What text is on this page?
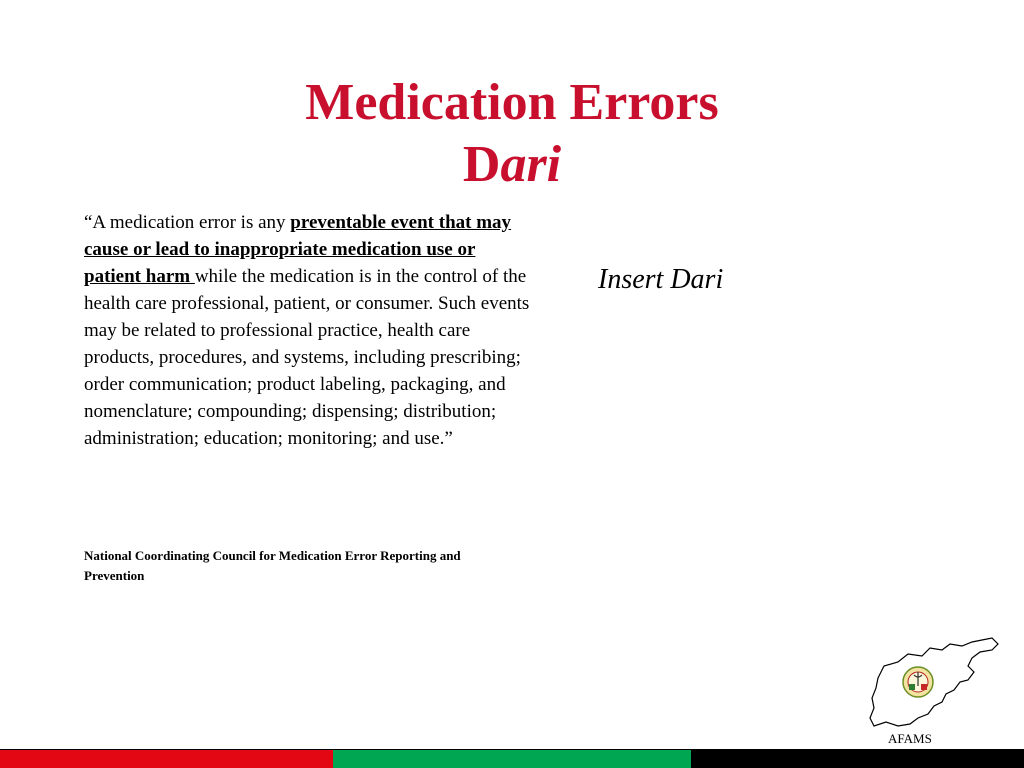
Medication Errors
Dari

“A medication error is any preventable event that may cause or lead to inappropriate medication use or patient harm while the medication is in the control of the health care professional, patient, or consumer. Such events may be related to professional practice, health care products, procedures, and systems, including prescribing; order communication; product labeling, packaging, and nomenclature; compounding; dispensing; distribution; administration; education; monitoring; and use.”

National Coordinating Council for Medication Error Reporting and Prevention

Insert Dari

AFAMS
